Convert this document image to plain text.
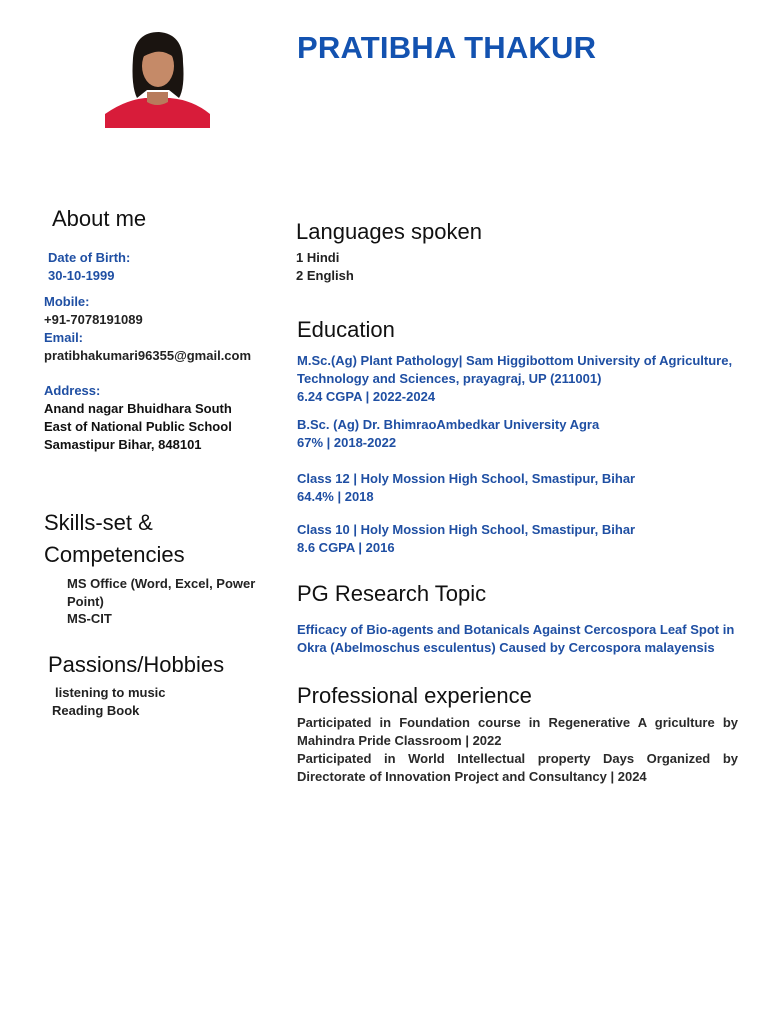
PRATIBHA THAKUR
About me
Date of Birth:
30-10-1999
Mobile:
+91-7078191089
Email:
pratibhakumari96355@gmail.com
Address:
Anand nagar Bhuidhara South
East of National Public School
Samastipur Bihar, 848101
Skills-set & Competencies
MS Office (Word, Excel, Power Point)
MS-CIT
Passions/Hobbies
listening to music
Reading Book
Languages spoken
1 Hindi
2 English
Education
M.Sc.(Ag) Plant Pathology| Sam Higgibottom University of Agriculture, Technology and Sciences, prayagraj, UP (211001)
6.24 CGPA | 2022-2024
B.Sc. (Ag) Dr. BhimraoAmbedkar University Agra
67% | 2018-2022
Class 12 | Holy Mossion High School, Smastipur, Bihar
64.4% | 2018
Class 10 | Holy Mossion High School, Smastipur, Bihar
8.6 CGPA | 2016
PG Research Topic
Efficacy of Bio-agents and Botanicals Against Cercospora Leaf Spot in Okra (Abelmoschus esculentus) Caused by Cercospora malayensis
Professional experience
Participated in Foundation course in Regenerative A griculture by Mahindra Pride Classroom | 2022
Participated in World Intellectual property Days Organized by Directorate of Innovation Project and Consultancy | 2024
